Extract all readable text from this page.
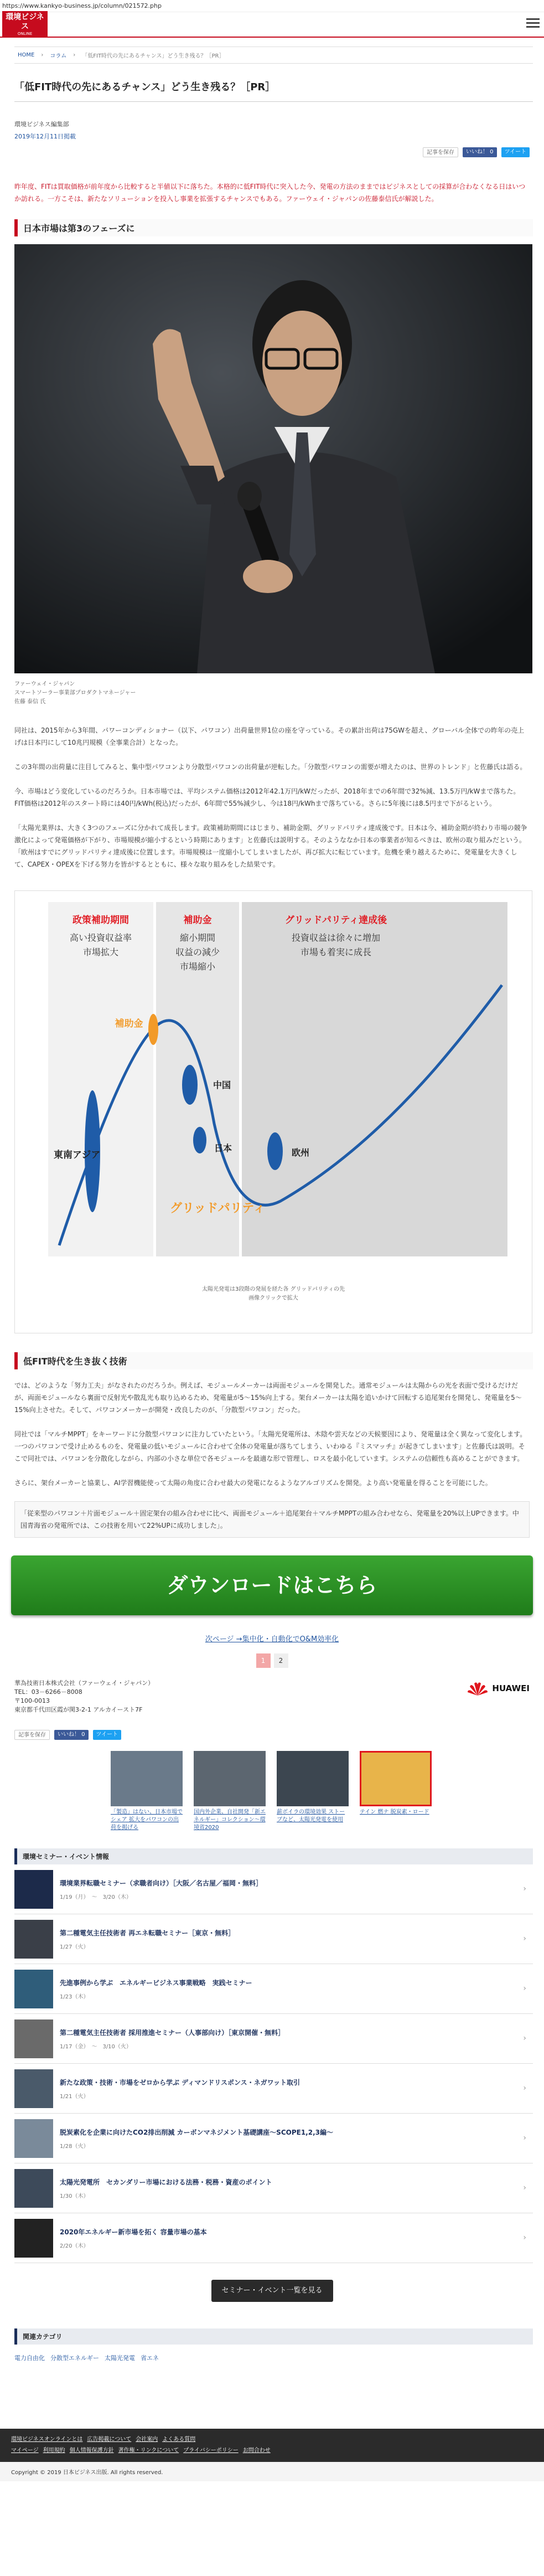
https://www.kankyo-business.jp/column/021572.php
環境ビジネス
ONLINE
HOME › コラム › 「低FIT時代の先にあるチャンス」どう生き残る？［PR］
「低FIT時代の先にあるチャンス」どう生き残る？［PR］
環境ビジネス編集部
2019年12月11日掲載
記事を保存	いいね！ 0	ツイート

昨年度、FITは買取価格が前年度から比較すると半値以下に落ちた。本格的に低FIT時代に突入した今、発電の方法のままではビジネスとしての採算が合わなくなる日はいつか訪れる。一方こそは、新たなソリューションを投入し事業を拡張するチャンスでもある。ファーウェイ・ジャパンの佐藤泰信氏が解説した。

日本市場は第3のフェーズに
ファーウェイ・ジャパン
スマートソーラー事業部プロダクトマネージャー
佐藤 泰信 氏

同社は、2015年から3年間、パワーコンディショナー（以下、パワコン）出荷量世界1位の座を守っている。その累計出荷は75GWを超え、グローバル全体での昨年の売上げは日本円にして10兆円規模（全事業合計）となった。

この3年間の出荷量に注目してみると、集中型パワコンより分散型パワコンの出荷量が逆転した。「分散型パワコンの需要が増えたのは、世界のトレンド」と佐藤氏は語る。

今、市場はどう変化しているのだろうか。日本市場では、平均システム価格は2012年42.1万円/kWだったが、2018年までの6年間で32%減、13.5万円/kWまで落ちた。FIT価格は2012年のスタート時には40円/kWh(税込)だったが、6年間で55%減少し、今は18円/kWhまで落ちている。さらに5年後には8.5円まで下がるという。

「太陽光業界は、大きく3つのフェーズに分かれて成長します。政策補助期間にはじまり、補助金期、グリッドパリティ達成後です。日本は今、補助金期が終わり市場の競争激化によって発電価格が下がり、市場規模が縮小するという時期にあります」と佐藤氏は説明する。そのようななか日本の事業者が知るべきは、欧州の取り組みだという。「欧州はすでにグリッドパリティ達成後に位置します。市場規模は一度縮小してしまいましたが、再び拡大に転じています。危機を乗り越えるために、発電量を大きくして、CAPEX・OPEXを下げる努力を皆がするとともに、様々な取り組みをした結果です。

政策補助期間
高い投資収益率
市場拡大
補助金
縮小期間
収益の減少
市場縮小
グリッドパリティ達成後
投資収益は徐々に増加
市場も着実に成長
補助金
中国
日本
東南アジア	欧州
グリッドパリティ
太陽光発電は3段階の発展を経た各 グリッドパリティの先
画像クリックで拡大
低FIT時代を生き抜く技術

では、どのような「努力工夫」がなされたのだろうか。例えば、モジュールメーカーは両面モジュールを開発した。通常モジュールは太陽からの光を表面で受けるだけだが、両面モジュールなら裏面で反射光や散乱光も取り込めるため、発電量が5～15%向上する。架台メーカーは太陽を追いかけて回転する追尾架台を開発し、発電量を5～15%向上させた。そして、パワコンメーカーが開発・改良したのが、「分散型パワコン」だった。

同社では「マルチMPPT」をキーワードに分散型パワコンに注力していたという。「太陽光発電所は、木陰や雲天などの天候要因により、発電量は全く異なって変化します。一つのパワコンで受け止めるものを、発電量の低いモジュールに合わせて全体の発電量が落ちてしまう、いわゆる『ミスマッチ』が起きてしまいます」と佐藤氏は説明。そこで同社では、パワコンを分散化しながら、内部の小さな単位で各モジュールを最適な形で管理し、ロスを最小化しています。システムの信頼性も高めることができます。

さらに、架台メーカーと協業し、AI学習機能使って太陽の角度に合わせ最大の発電になるようなアルゴリズムを開発。より高い発電量を得ることを可能にした。

「従来型のパワコン＋片面モジュール＋固定架台の組み合わせに比べ、両面モジュール＋追尾架台＋マルチMPPTの組み合わせなら、発電量を20%以上UPできます。中国青海省の発電所では、この技術を用いて22%UPに成功しました」。

ダウンロードはこちら
次ページ →集中化・自動化でO&M効率化
1	2
華為技術日本株式会社（ファーウェイ・ジャパン）
TEL：03－6266－8008
〒100-0013
東京都千代田区霞が関3-2-1 アルカイースト7F
HUAWEI
記事を保存	いいね！ 0	ツイート
「製造」はない、日本市場でシェア 拡大をパワコンの出荷を掲げる
国内外企業、自社開発「新エネルギー」コレクション～環境省2020
薪ボイラの環境効果 ストーブなど、太陽光発電を使用
テイン 燃ナ 脱炭素・ロード
環境セミナー・イベント情報
環境業界転職セミナー（求職者向け）［大阪／名古屋／福岡・無料］
1/19（月）　～　3/20（木）
›
第二種電気主任技術者 再エネ転職セミナー［東京・無料］
1/27（火）
›
先進事例から学ぶ　エネルギービジネス事業戦略　実践セミナー
1/23（木）
›
第二種電気主任技術者 採用推進セミナー（人事部向け）［東京開催・無料］
1/17（金）　～　3/10（火）
›
新たな政策・技術・市場をゼロから学ぶ ディマンドリスポンス・ネガワット取引
1/21（火）
›
脱炭素化を企業に向けたCO2排出削減 カーボンマネジメント基礎講座～SCOPE1,2,3編～
1/28（火）
›
太陽光発電所　セカンダリー市場における法務・税務・資産のポイント
1/30（木）
›
2020年エネルギー新市場を拓く 容量市場の基本
2/20（木）
›
セミナー・イベント一覧を見る
関連カテゴリ
電力自由化 分散型エネルギー 太陽光発電 省エネ
環境ビジネスオンラインとは 広告掲載について 会社案内 よくある質問
マイページ 利用規約 個人情報保護方針 著作権・リンクについて プライバシーポリシー お問合わせ
Copyright © 2019 日本ビジネス出版. All rights reserved.
